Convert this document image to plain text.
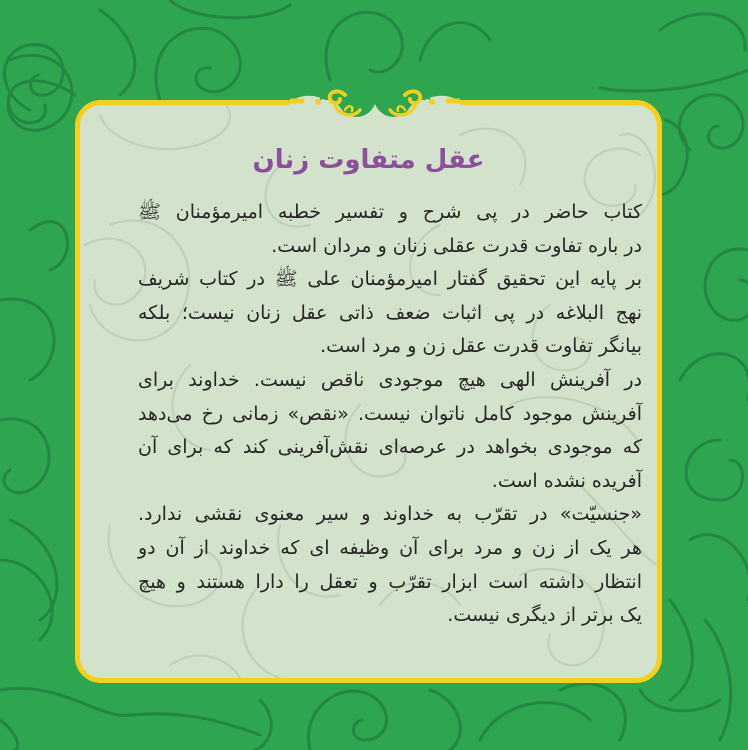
عقل متفاوت زنان
کتاب حاضر در پی شرح و تفسیر خطبه امیرمؤمنان ﷺ
در باره تفاوت قدرت عقلی زنان و مردان است.
بر پایه این تحقیق گفتار امیرمؤمنان علی ﷺ در کتاب شریف
نهج البلاغه در پی اثبات ضعف ذاتی عقل زنان نیست؛ بلکه
بیانگر تفاوت قدرت عقل زن و مرد است.
در آفرینش الهی هیچ موجودی ناقص نیست. خداوند برای
آفرینش موجود کامل ناتوان نیست. «نقص» زمانی رخ می‌دهد
که موجودی بخواهد در عرصه‌ای نقش‌آفرینی کند که برای آن
آفریده نشده است.
«جنسیّت» در تقرّب به خداوند و سیر معنوی نقشی ندارد.
هر یک از زن و مرد برای آن وظیفه ای که خداوند از آن دو
انتظار داشته است ابزار تقرّب و تعقل را دارا هستند و هیچ
یک برتر از دیگری نیست.
